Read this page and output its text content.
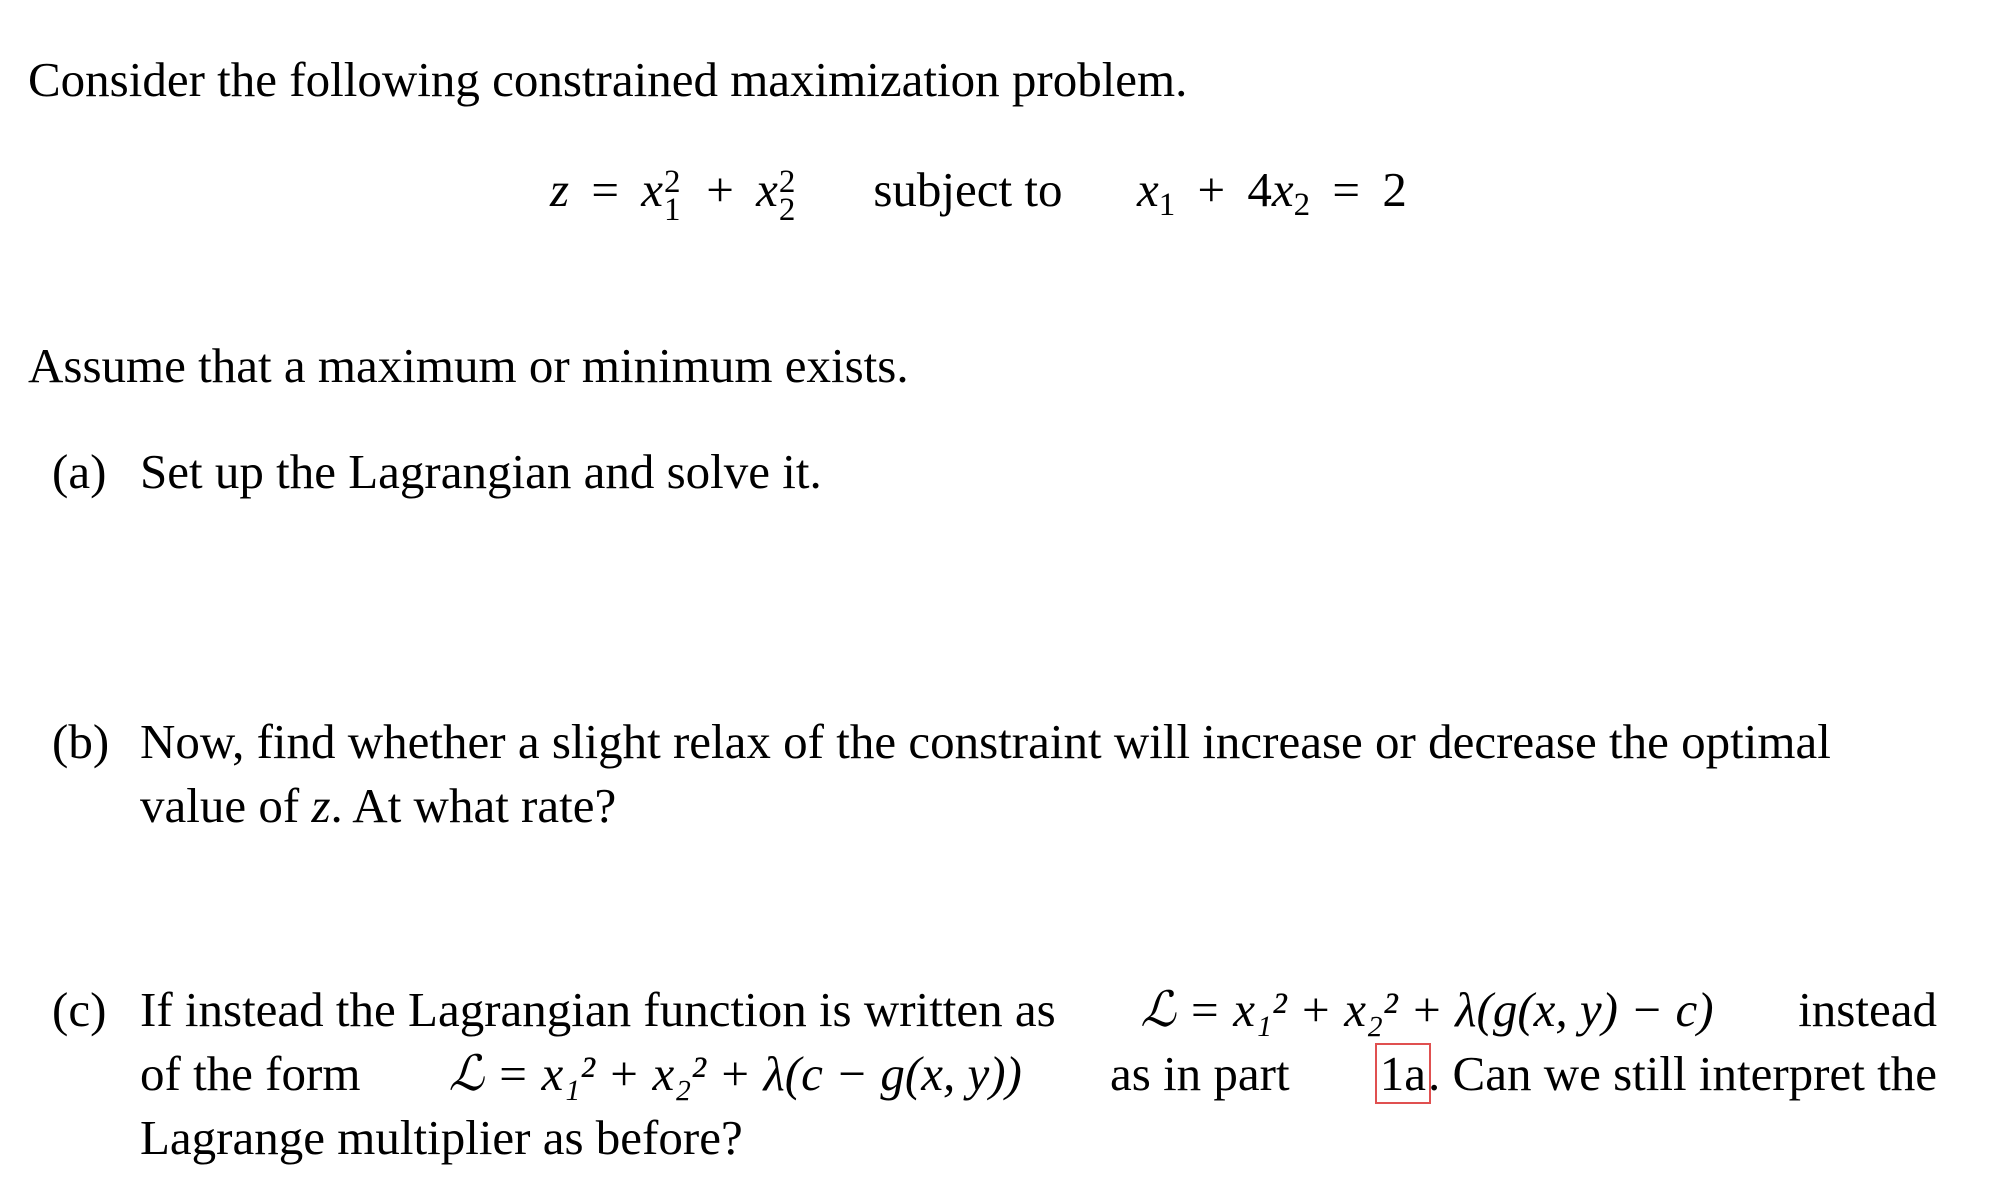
Consider the following constrained maximization problem.
z = x 2
1 + x 2
2 subject to $x_1 + 4x_2 = 2$
Assume that a maximum or minimum exists.
(a) Set up the Lagrangian and solve it.
(b) Now, find whether a slight relax of the constraint will increase or decrease the optimal
value of z. At what rate?
(c) If instead the Lagrangian function is written as ℒ = x₁² + x₂² + λ(g(x, y) − c) instead
of the form ℒ = x₁² + x₂² + λ(c − g(x, y)) as in part 1a. Can we still interpret the
Lagrange multiplier as before?
